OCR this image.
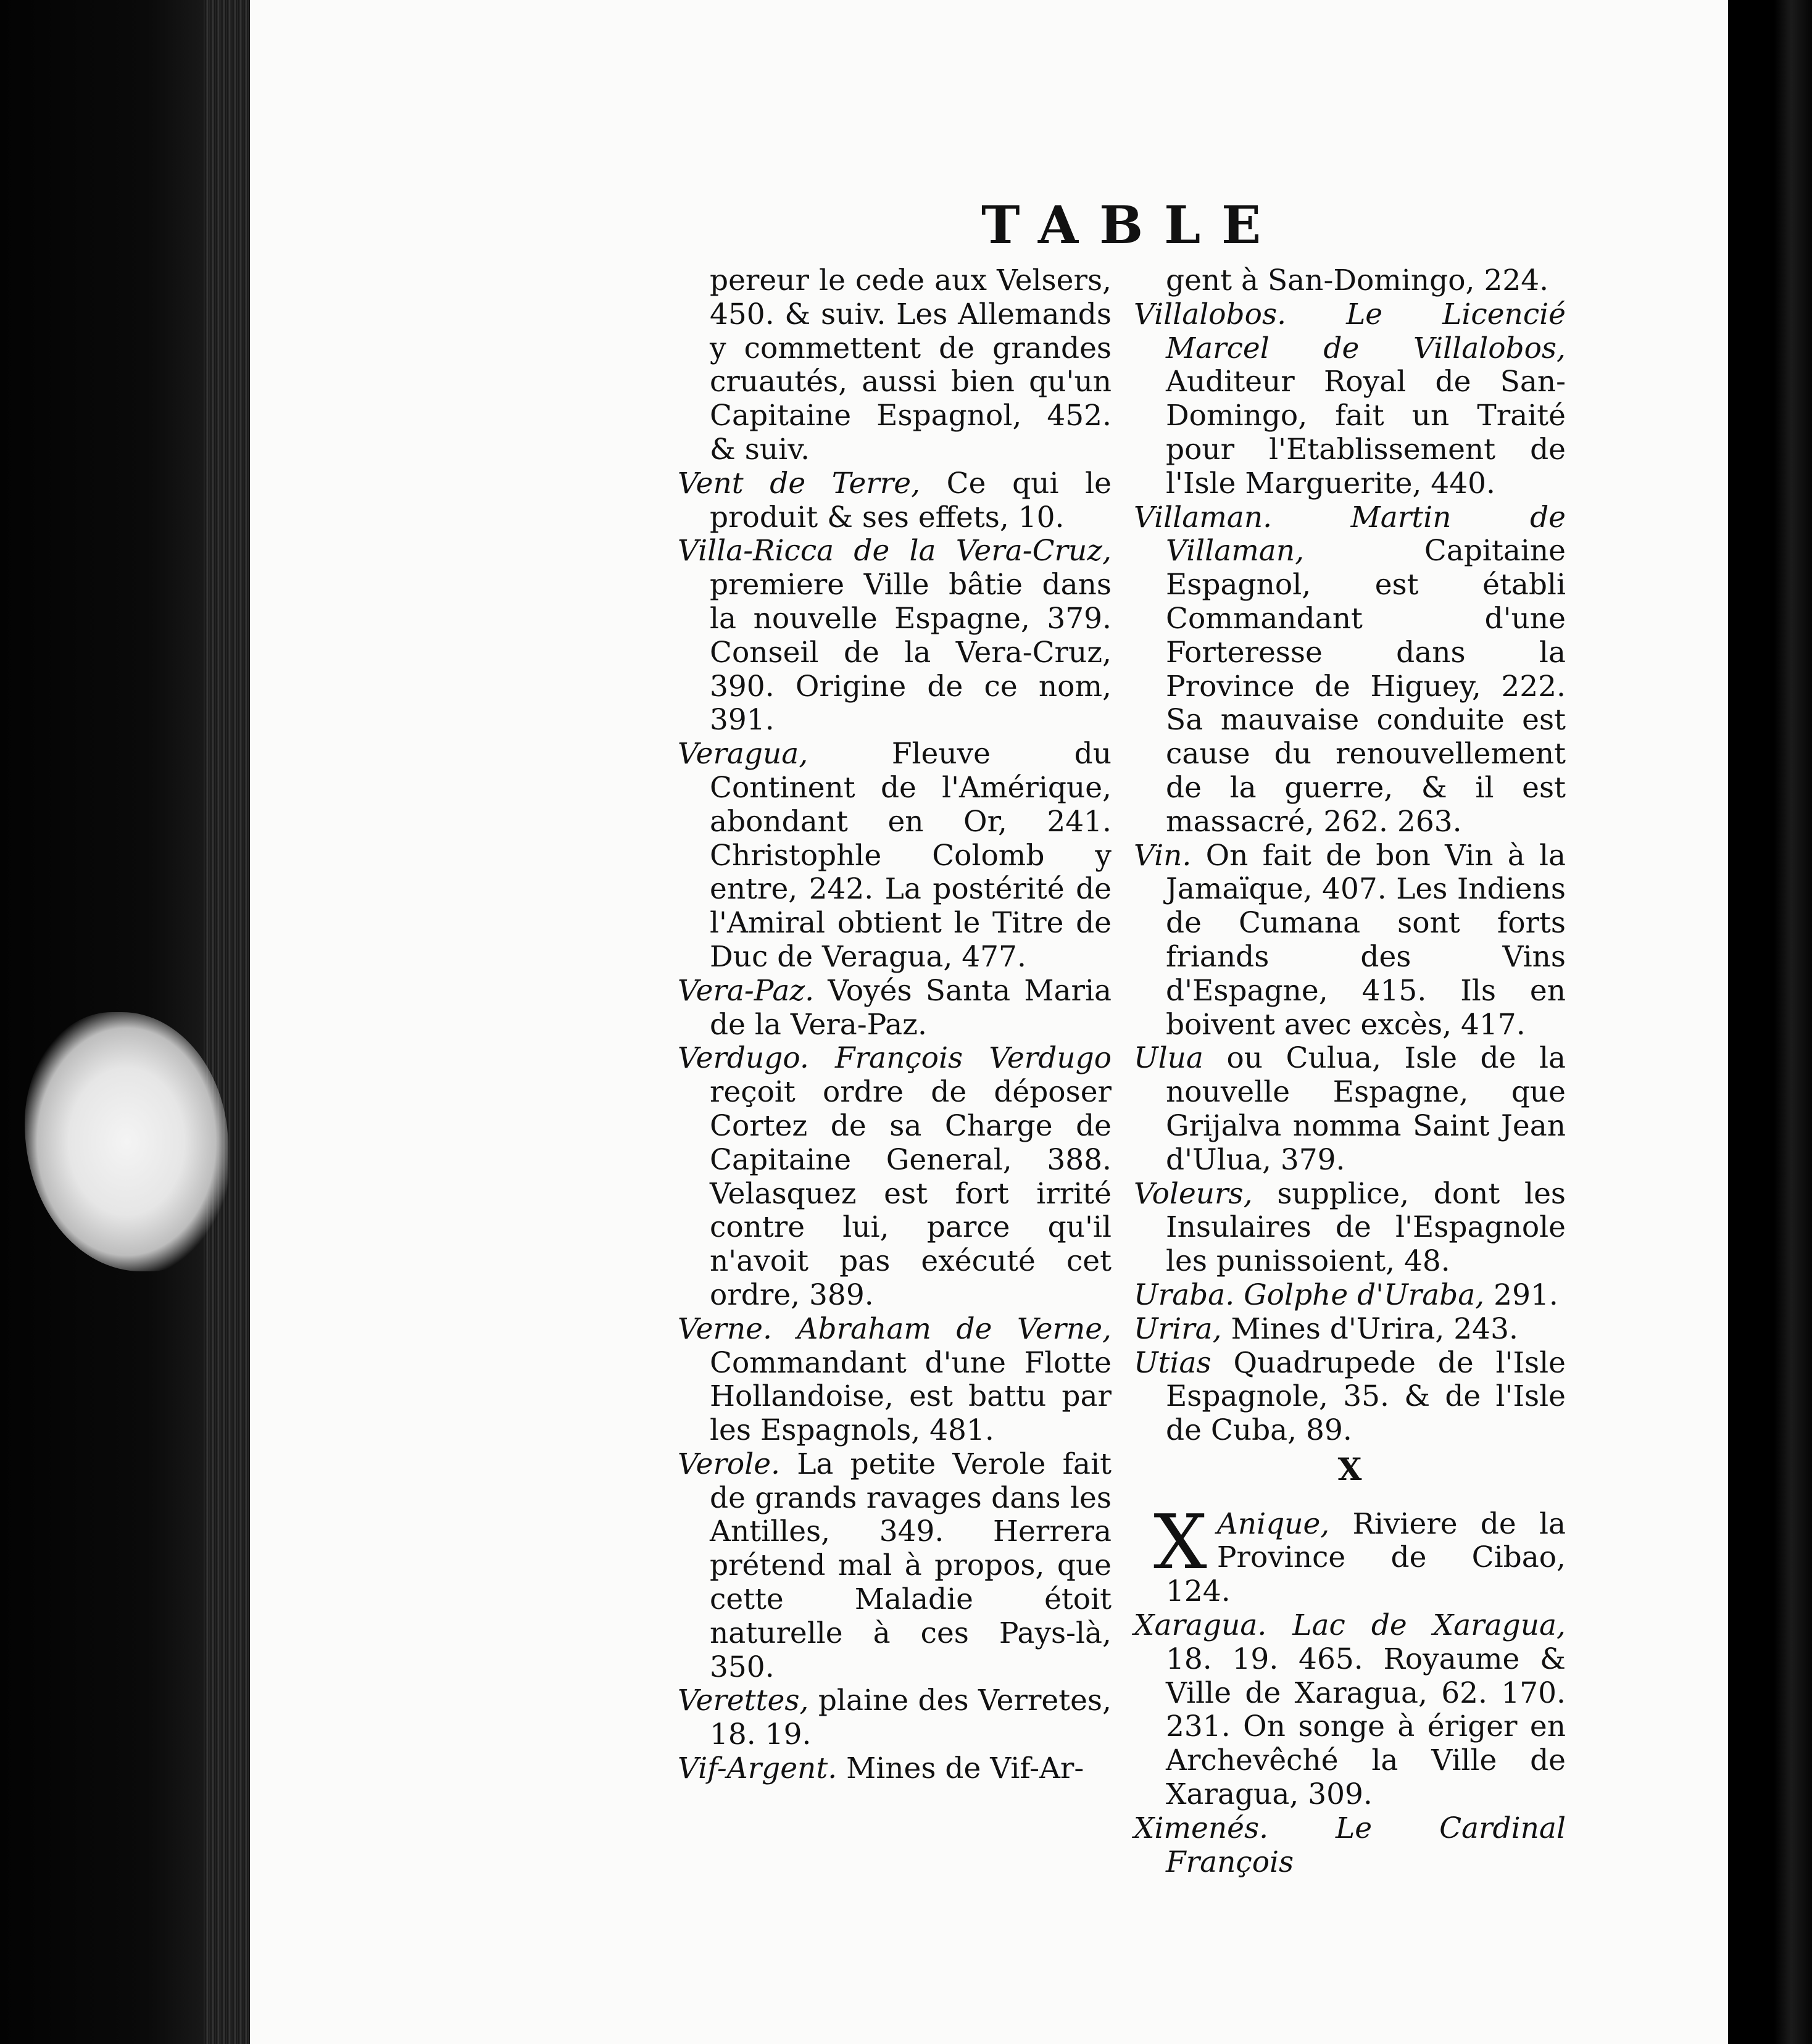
TABLE

pereur le cede aux Velsers, 450. & suiv. Les Allemands y commettent de grandes cruautés, aussi bien qu'un Capitaine Espagnol, 452. & suiv.

Vent de Terre, Ce qui le produit & ses effets, 10.

Villa-Ricca de la Vera-Cruz, premiere Ville bâtie dans la nouvelle Espagne, 379. Conseil de la Vera-Cruz, 390. Origine de ce nom, 391.

Veragua, Fleuve du Continent de l'Amérique, abondant en Or, 241. Christophle Colomb y entre, 242. La postérité de l'Amiral obtient le Titre de Duc de Veragua, 477.

Vera-Paz. Voyés Santa Maria de la Vera-Paz.

Verdugo. François Verdugo reçoit ordre de déposer Cortez de sa Charge de Capitaine General, 388. Velasquez est fort irrité contre lui, parce qu'il n'avoit pas exécuté cet ordre, 389.

Verne. Abraham de Verne, Commandant d'une Flotte Hollandoise, est battu par les Espagnols, 481.

Verole. La petite Verole fait de grands ravages dans les Antilles, 349. Herrera prétend mal à propos, que cette Maladie étoit naturelle à ces Pays-là, 350.

Verettes, plaine des Verretes, 18. 19.

Vif-Argent. Mines de Vif-Ar-

gent à San-Domingo, 224.

Villalobos. Le Licencié Marcel de Villalobos, Auditeur Royal de San-Domingo, fait un Traité pour l'Etablissement de l'Isle Marguerite, 440.

Villaman. Martin de Villaman, Capitaine Espagnol, est établi Commandant d'une Forteresse dans la Province de Higuey, 222. Sa mauvaise conduite est cause du renouvellement de la guerre, & il est massacré, 262. 263.

Vin. On fait de bon Vin à la Jamaïque, 407. Les Indiens de Cumana sont forts friands des Vins d'Espagne, 415. Ils en boivent avec excès, 417.

Ulua ou Culua, Isle de la nouvelle Espagne, que Grijalva nomma Saint Jean d'Ulua, 379.

Voleurs, supplice, dont les Insulaires de l'Espagnole les punissoient, 48.

Uraba. Golphe d'Uraba, 291.

Urira, Mines d'Urira, 243.

Utias Quadrupede de l'Isle Espagnole, 35. & de l'Isle de Cuba, 89.

X

X Anique, Riviere de la Province de Cibao, 124.

Xaragua. Lac de Xaragua, 18. 19. 465. Royaume & Ville de Xaragua, 62. 170. 231. On songe à ériger en Archevêché la Ville de Xaragua, 309.

Ximenés. Le Cardinal François
